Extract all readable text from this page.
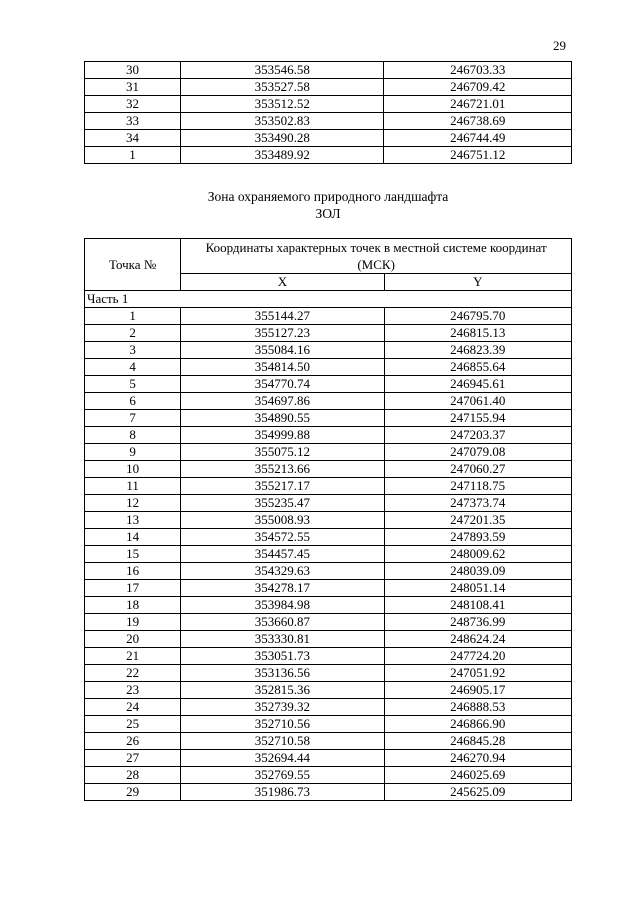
29
30	353546.58	246703.33
31	353527.58	246709.42
32	353512.52	246721.01
33	353502.83	246738.69
34	353490.28	246744.49
1	353489.92	246751.12
Зона охраняемого природного ландшафта
ЗОЛ
Точка №	Координаты характерных точек в местной системе координат (МСК)	
	X	Y
Часть 1		
1	355144.27	246795.70
2	355127.23	246815.13
3	355084.16	246823.39
4	354814.50	246855.64
5	354770.74	246945.61
6	354697.86	247061.40
7	354890.55	247155.94
8	354999.88	247203.37
9	355075.12	247079.08
10	355213.66	247060.27
11	355217.17	247118.75
12	355235.47	247373.74
13	355008.93	247201.35
14	354572.55	247893.59
15	354457.45	248009.62
16	354329.63	248039.09
17	354278.17	248051.14
18	353984.98	248108.41
19	353660.87	248736.99
20	353330.81	248624.24
21	353051.73	247724.20
22	353136.56	247051.92
23	352815.36	246905.17
24	352739.32	246888.53
25	352710.56	246866.90
26	352710.58	246845.28
27	352694.44	246270.94
28	352769.55	246025.69
29	351986.73	245625.09
